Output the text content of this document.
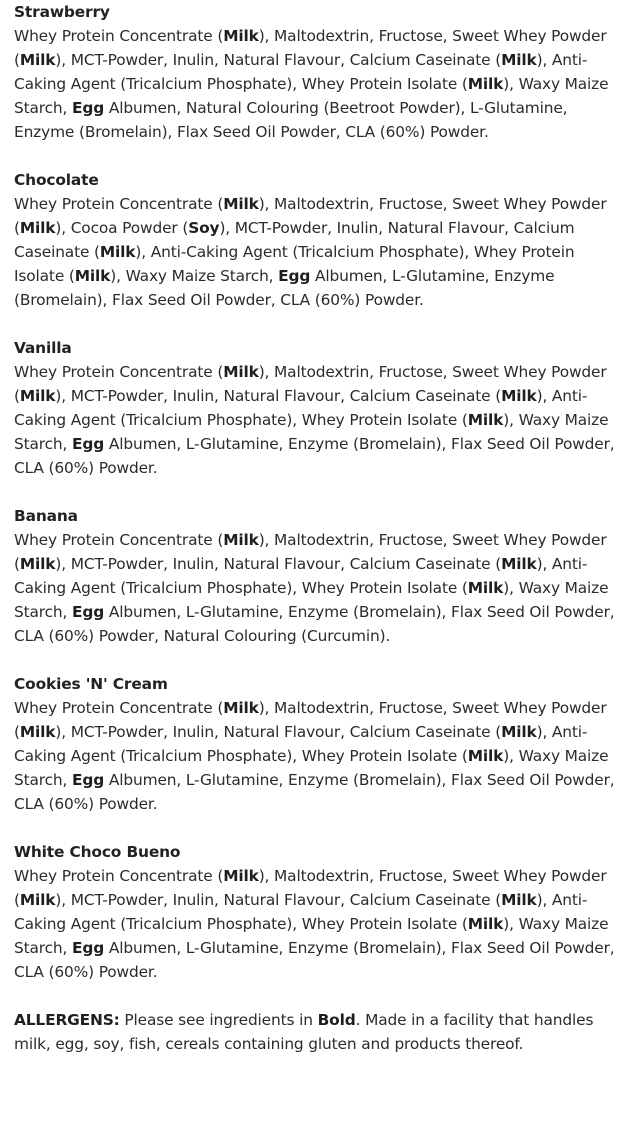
Strawberry
Whey Protein Concentrate (Milk), Maltodextrin, Fructose, Sweet Whey Powder (Milk), MCT-Powder, Inulin, Natural Flavour, Calcium Caseinate (Milk), Anti-Caking Agent (Tricalcium Phosphate), Whey Protein Isolate (Milk), Waxy Maize Starch, Egg Albumen, Natural Colouring (Beetroot Powder), L-Glutamine, Enzyme (Bromelain), Flax Seed Oil Powder, CLA (60%) Powder.
Chocolate
Whey Protein Concentrate (Milk), Maltodextrin, Fructose, Sweet Whey Powder (Milk), Cocoa Powder (Soy), MCT-Powder, Inulin, Natural Flavour, Calcium Caseinate (Milk), Anti-Caking Agent (Tricalcium Phosphate), Whey Protein Isolate (Milk), Waxy Maize Starch, Egg Albumen, L-Glutamine, Enzyme (Bromelain), Flax Seed Oil Powder, CLA (60%) Powder.
Vanilla
Whey Protein Concentrate (Milk), Maltodextrin, Fructose, Sweet Whey Powder (Milk), MCT-Powder, Inulin, Natural Flavour, Calcium Caseinate (Milk), Anti-Caking Agent (Tricalcium Phosphate), Whey Protein Isolate (Milk), Waxy Maize Starch, Egg Albumen, L-Glutamine, Enzyme (Bromelain), Flax Seed Oil Powder, CLA (60%) Powder.
Banana
Whey Protein Concentrate (Milk), Maltodextrin, Fructose, Sweet Whey Powder (Milk), MCT-Powder, Inulin, Natural Flavour, Calcium Caseinate (Milk), Anti-Caking Agent (Tricalcium Phosphate), Whey Protein Isolate (Milk), Waxy Maize Starch, Egg Albumen, L-Glutamine, Enzyme (Bromelain), Flax Seed Oil Powder, CLA (60%) Powder, Natural Colouring (Curcumin).
Cookies 'N' Cream
Whey Protein Concentrate (Milk), Maltodextrin, Fructose, Sweet Whey Powder (Milk), MCT-Powder, Inulin, Natural Flavour, Calcium Caseinate (Milk), Anti-Caking Agent (Tricalcium Phosphate), Whey Protein Isolate (Milk), Waxy Maize Starch, Egg Albumen, L-Glutamine, Enzyme (Bromelain), Flax Seed Oil Powder, CLA (60%) Powder.
White Choco Bueno
Whey Protein Concentrate (Milk), Maltodextrin, Fructose, Sweet Whey Powder (Milk), MCT-Powder, Inulin, Natural Flavour, Calcium Caseinate (Milk), Anti-Caking Agent (Tricalcium Phosphate), Whey Protein Isolate (Milk), Waxy Maize Starch, Egg Albumen, L-Glutamine, Enzyme (Bromelain), Flax Seed Oil Powder, CLA (60%) Powder.

ALLERGENS: Please see ingredients in Bold. Made in a facility that handles milk, egg, soy, fish, cereals containing gluten and products thereof.
